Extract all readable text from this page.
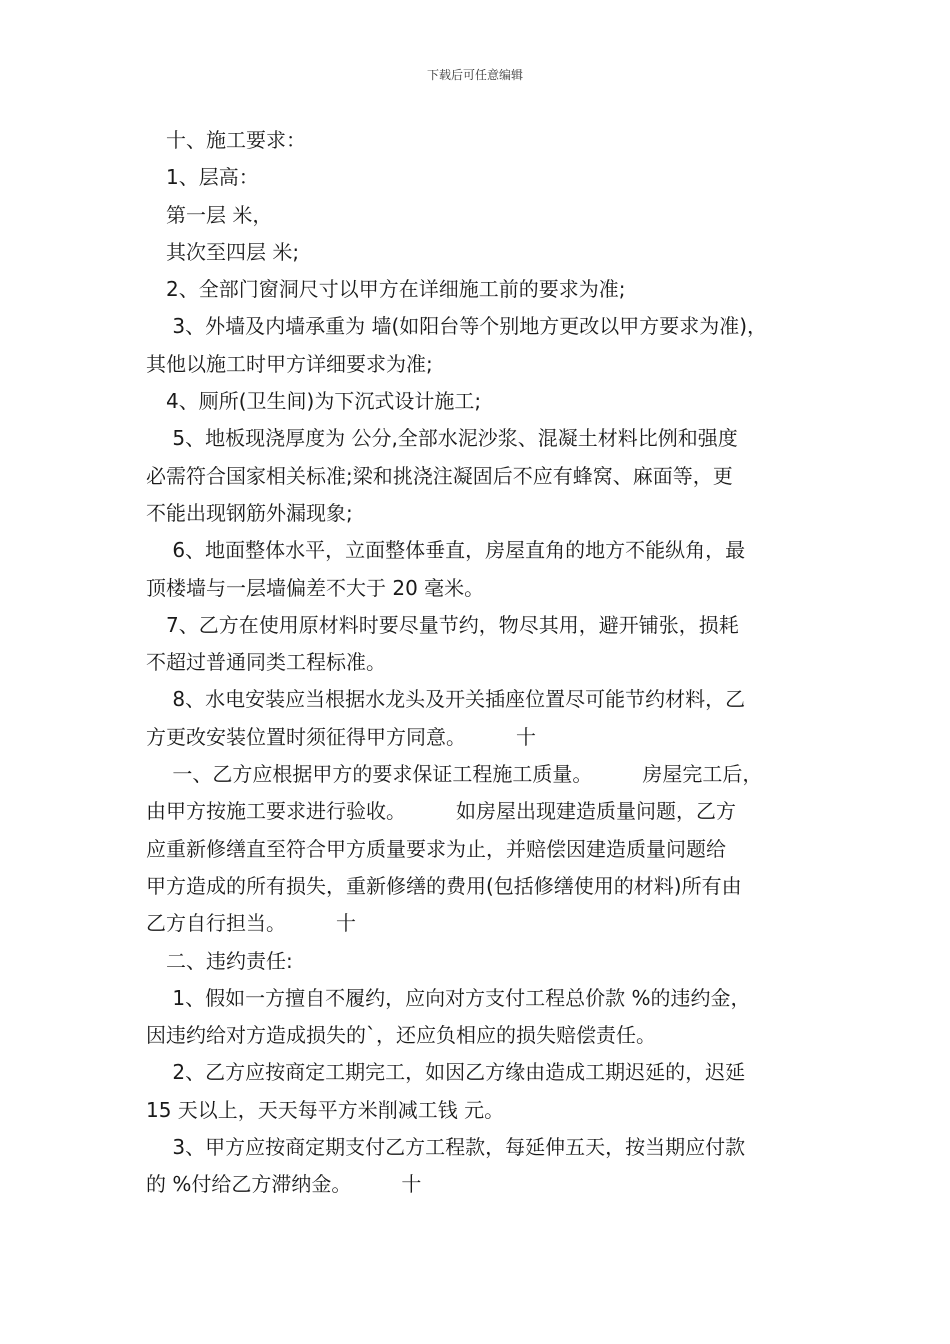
下载后可任意编辑
　十、施工要求：
　1、层高：
　第一层 米，
　其次至四层 米;
　2、全部门窗洞尺寸以甲方在详细施工前的要求为准;
　 3、外墙及内墙承重为 墙(如阳台等个别地方更改以甲方要求为准)，
其他以施工时甲方详细要求为准;
　4、厕所(卫生间)为下沉式设计施工;
　 5、地板现浇厚度为 公分,全部水泥沙浆、混凝土材料比例和强度
必需符合国家相关标准;梁和挑浇注凝固后不应有蜂窝、麻面等，更
不能出现钢筋外漏现象;
　 6、地面整体水平，立面整体垂直，房屋直角的地方不能纵角，最
顶楼墙与一层墙偏差不大于 20 毫米。
　7、乙方在使用原材料时要尽量节约，物尽其用，避开铺张，损耗
不超过普通同类工程标准。
　 8、水电安装应当根据水龙头及开关插座位置尽可能节约材料，乙
方更改安装位置时须征得甲方同意。　　　十
　 一、乙方应根据甲方的要求保证工程施工质量。　　　房屋完工后，
由甲方按施工要求进行验收。　　　如房屋出现建造质量问题，乙方
应重新修缮直至符合甲方质量要求为止，并赔偿因建造质量问题给
甲方造成的所有损失，重新修缮的费用(包括修缮使用的材料)所有由
乙方自行担当。　　　十
　二、违约责任:
　 1、假如一方擅自不履约，应向对方支付工程总价款 %的违约金，
因违约给对方造成损失的`，还应负相应的损失赔偿责任。
　 2、乙方应按商定工期完工，如因乙方缘由造成工期迟延的，迟延
15 天以上，天天每平方米削减工钱 元。
　 3、甲方应按商定期支付乙方工程款，每延伸五天，按当期应付款
的 %付给乙方滞纳金。　　　十
